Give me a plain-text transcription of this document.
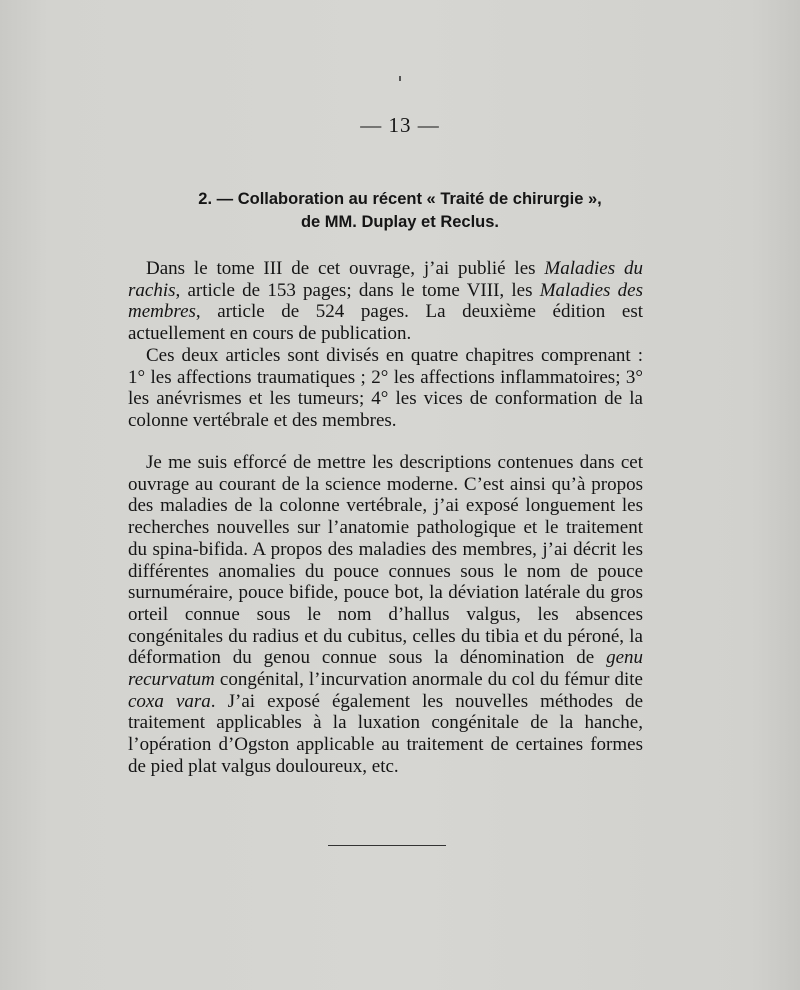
— 13 —
2. — Collaboration au récent « Traité de chirurgie »,
de MM. Duplay et Reclus.

Dans le tome III de cet ouvrage, j’ai publié les Maladies du rachis, article de 153 pages; dans le tome VIII, les Maladies des membres, article de 524 pages. La deuxième édition est actuellement en cours de publication.

Ces deux articles sont divisés en quatre chapitres comprenant : 1° les affections traumatiques ; 2° les affections inflammatoires; 3° les anévrismes et les tumeurs; 4° les vices de conformation de la colonne vertébrale et des membres.

Je me suis efforcé de mettre les descriptions contenues dans cet ouvrage au courant de la science moderne. C’est ainsi qu’à propos des maladies de la colonne vertébrale, j’ai exposé longuement les recherches nouvelles sur l’anatomie pathologique et le traitement du spina-bifida. A propos des maladies des membres, j’ai décrit les différentes anomalies du pouce connues sous le nom de pouce surnuméraire, pouce bifide, pouce bot, la déviation latérale du gros orteil connue sous le nom d’hallus valgus, les absences congénitales du radius et du cubitus, celles du tibia et du péroné, la déformation du genou connue sous la dénomination de genu recurvatum congénital, l’incurvation anormale du col du fémur dite coxa vara. J’ai exposé également les nouvelles méthodes de traitement applicables à la luxation congénitale de la hanche, l’opération d’Ogston applicable au traitement de certaines formes de pied plat valgus douloureux, etc.
